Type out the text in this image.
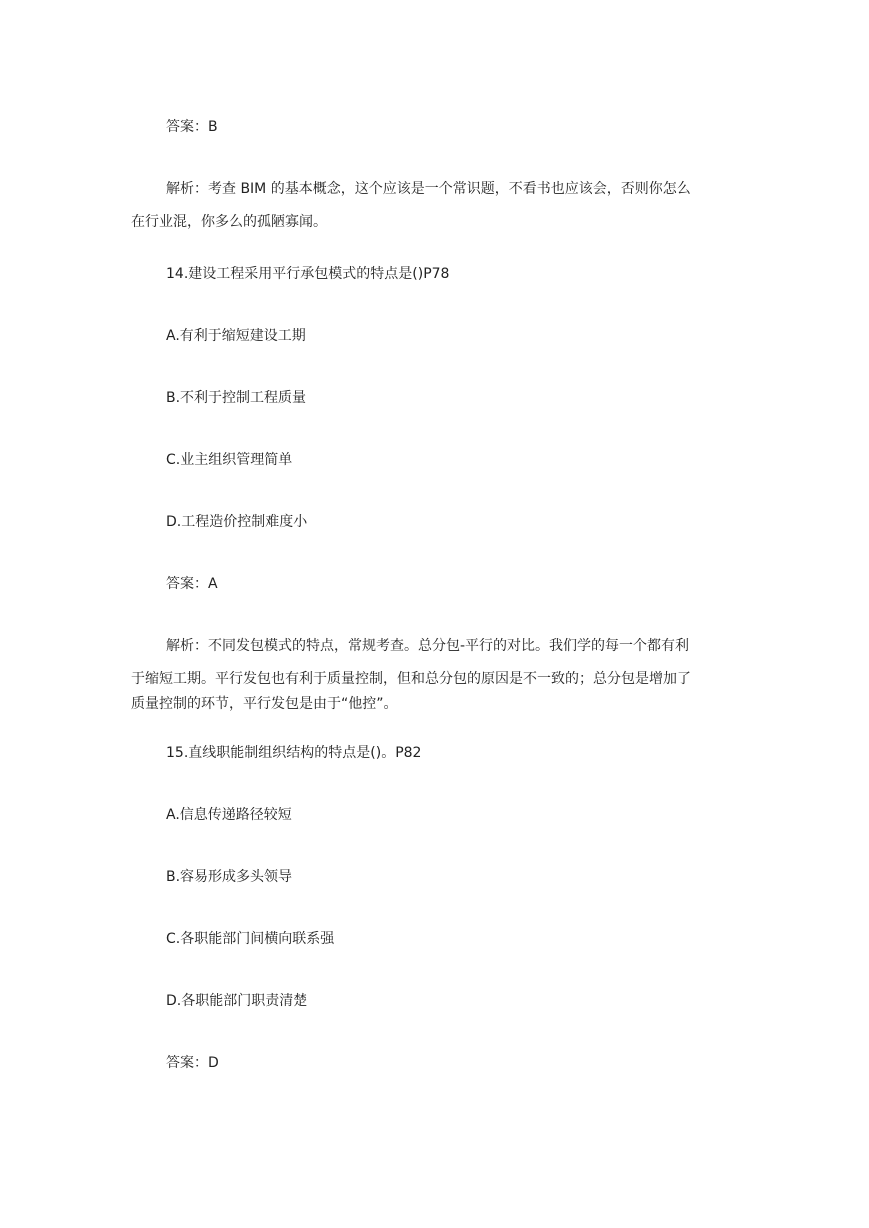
答案：B
解析：考查 BIM 的基本概念，这个应该是一个常识题，不看书也应该会，否则你怎么
在行业混，你多么的孤陋寡闻。
14.建设工程采用平行承包模式的特点是()P78
A.有利于缩短建设工期
B.不利于控制工程质量
C.业主组织管理简单
D.工程造价控制难度小
答案：A
解析：不同发包模式的特点，常规考查。总分包-平行的对比。我们学的每一个都有利
于缩短工期。平行发包也有利于质量控制，但和总分包的原因是不一致的；总分包是增加了
质量控制的环节，平行发包是由于“他控”。
15.直线职能制组织结构的特点是()。P82
A.信息传递路径较短
B.容易形成多头领导
C.各职能部门间横向联系强
D.各职能部门职责清楚
答案：D
